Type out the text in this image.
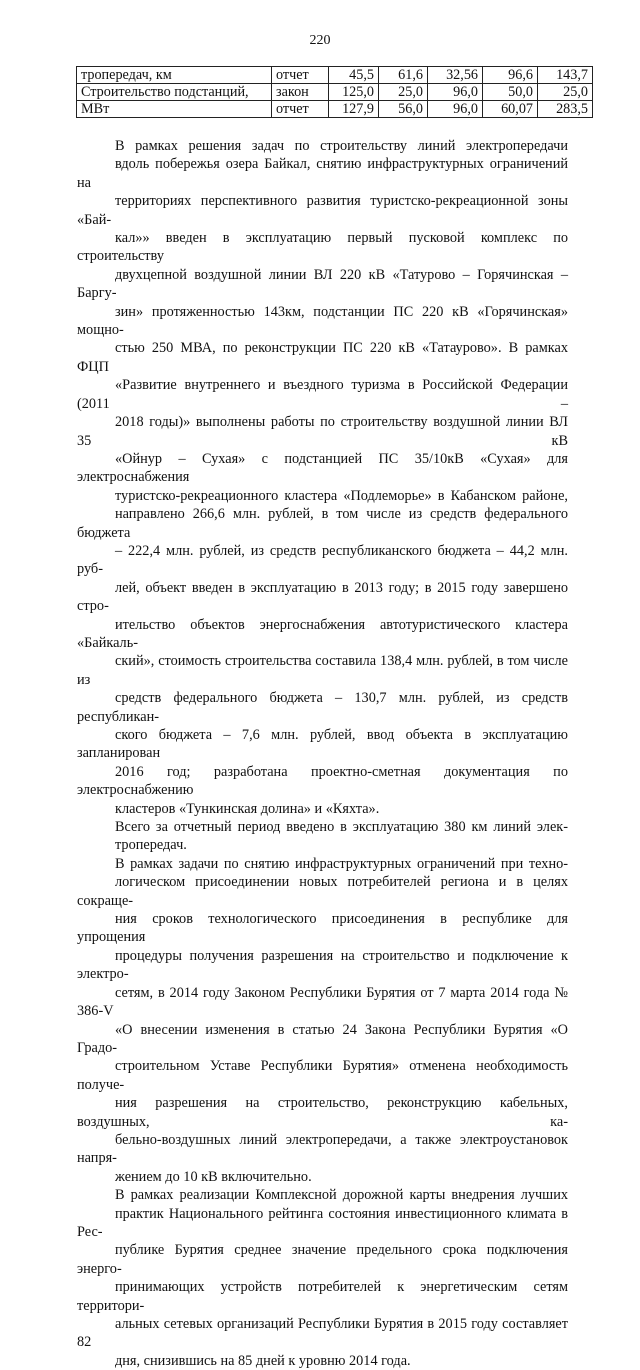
220
тропередач, км	отчет	45,5	61,6	32,56	96,6	143,7
Строительство подстанций,	закон	125,0	25,0	96,0	50,0	25,0
МВт	отчет	127,9	56,0	96,0	60,07	283,5

В рамках решения задач по строительству линий электропередачи
вдоль побережья озера Байкал, снятию инфраструктурных ограничений на
территориях перспективного развития туристско-рекреационной зоны «Бай-
кал»» введен в эксплуатацию первый пусковой комплекс по строительству
двухцепной воздушной линии ВЛ 220 кВ «Татурово – Горячинская – Баргу-
зин» протяженностью 143км, подстанции ПС 220 кВ «Горячинская» мощно-
стью 250 МВА, по реконструкции ПС 220 кВ «Татаурово». В рамках ФЦП
«Развитие внутреннего и въездного туризма в Российской Федерации (2011 –
2018 годы)» выполнены работы по строительству воздушной линии ВЛ 35 кВ
«Ойнур – Сухая» с подстанцией ПС 35/10кВ «Сухая» для электроснабжения
туристско-рекреационного кластера «Подлеморье» в Кабанском районе,
направлено 266,6 млн. рублей, в том числе из средств федерального бюджета
– 222,4 млн. рублей, из средств республиканского бюджета – 44,2 млн. руб-
лей, объект введен в эксплуатацию в 2013 году; в 2015 году завершено стро-
ительство объектов энергоснабжения автотуристического кластера «Байкаль-
ский», стоимость строительства составила 138,4 млн. рублей, в том числе из
средств федерального бюджета – 130,7 млн. рублей, из средств республикан-
ского бюджета – 7,6 млн. рублей, ввод объекта в эксплуатацию запланирован
2016 год; разработана проектно-сметная документация по электроснабжению
кластеров «Тункинская долина» и «Кяхта».

Всего за отчетный период введено в эксплуатацию 380 км линий элек-
тропередач.

В рамках задачи по снятию инфраструктурных ограничений при техно-
логическом присоединении новых потребителей региона и в целях сокраще-
ния сроков технологического присоединения в республике для упрощения
процедуры получения разрешения на строительство и подключение к электро-
сетям, в 2014 году Законом Республики Бурятия от 7 марта 2014 года № 386-V
«О внесении изменения в статью 24 Закона Республики Бурятия «О Градо-
строительном Уставе Республики Бурятия» отменена необходимость получе-
ния разрешения на строительство, реконструкцию кабельных, воздушных, ка-
бельно-воздушных линий электропередачи, а также электроустановок напря-
жением до 10 кВ включительно.

В рамках реализации Комплексной дорожной карты внедрения лучших
практик Национального рейтинга состояния инвестиционного климата в Рес-
публике Бурятия среднее значение предельного срока подключения энерго-
принимающих устройств потребителей к энергетическим сетям территори-
альных сетевых организаций Республики Бурятия в 2015 году составляет 82
дня, снизившись на 85 дней к уровню 2014 года.
